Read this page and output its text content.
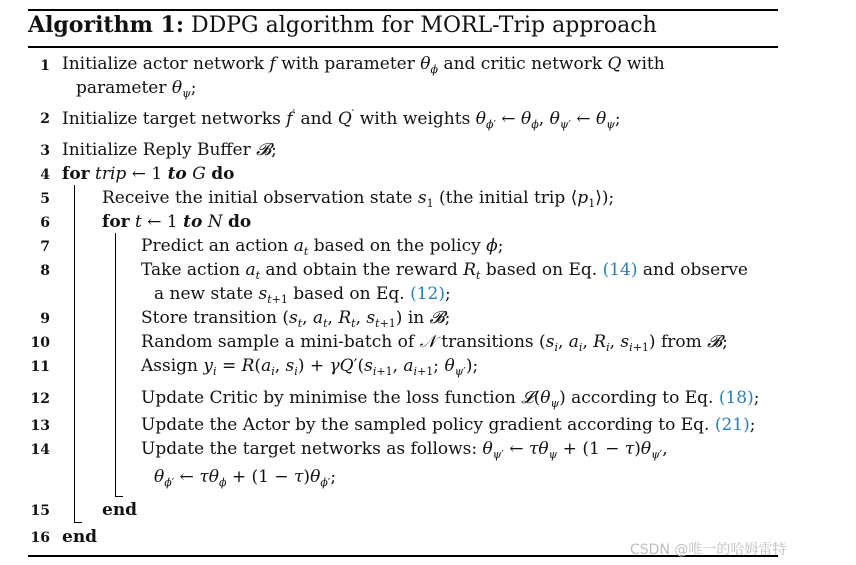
Algorithm 1: DDPG algorithm for MORL-Trip approach
1
2
3
4
5
6
7
8
9
10
11
12
13
14
15
16
Initialize actor network f with parameter $\theta_\phi$ and critic network Q with
parameter $\theta_\psi$;
Initialize target networks f′ and Q′ with weights $\theta_{\phi'}$ ← $\theta_\phi$, $\theta_{\psi'}$ ← $\theta_\psi$;
Initialize Reply Buffer 𝓑;
for trip ← 1 to G do
Receive the initial observation state $s_1$ (the initial trip $⟨p_1⟩$);
for t ← 1 to N do
Predict an action $a_t$ based on the policy ϕ;
Take action $a_t$ and obtain the reward $R_t$ based on Eq. (14) and observe
a new state $s_{t+1}$ based on Eq. (12);
Store transition ($s_t$, $a_t$, $R_t$, $s_{t+1}$) in 𝓑;
Random sample a mini-batch of 𝒩 transitions ($s_i$, $a_i$, $R_i$, $s_{i+1}$) from 𝓑;
Assign $y_i = R(a_i$, $s_i) + \gamma Q'(s_{i+1}$, $a_{i+1}$; $\theta_{\psi'}$);
Update Critic by minimise the loss function $𝓛(\theta_\psi)$ according to Eq. (18);
Update the Actor by the sampled policy gradient according to Eq. (21);
Update the target networks as follows: $\theta_{\psi'}$ ← $\tau\theta_\psi + (1 - \tau)\theta_{\psi'}$,
$\theta_{\phi'}$ ← $\tau\theta_\phi + (1 - \tau)\theta_{\phi'}$;
end
end
CSDN @唯一的哈姆雷特
